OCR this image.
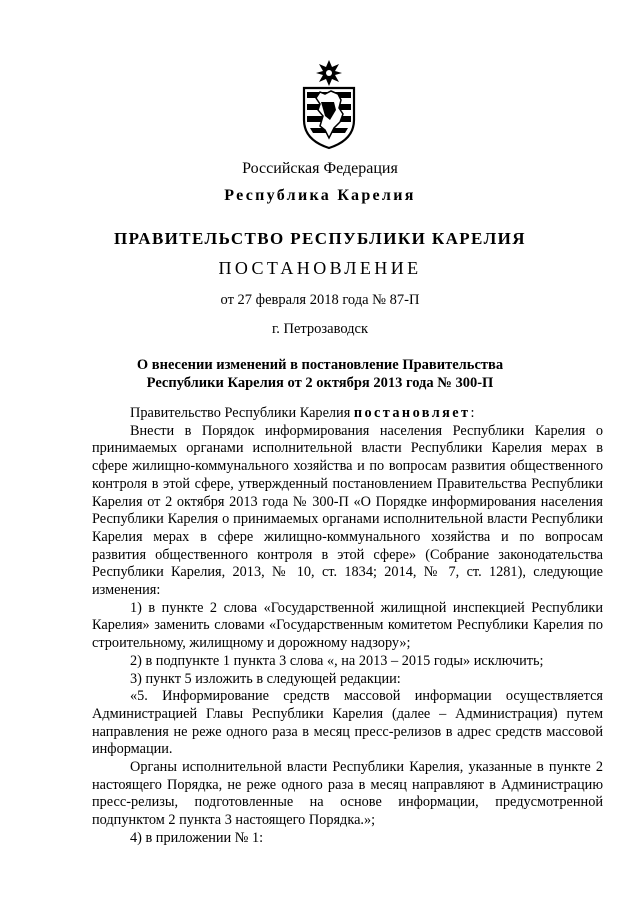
Российская Федерация
Республика Карелия
ПРАВИТЕЛЬСТВО РЕСПУБЛИКИ КАРЕЛИЯ
ПОСТАНОВЛЕНИЕ
от 27 февраля 2018 года № 87-П
г. Петрозаводск
О внесении изменений в постановление Правительства
Республики Карелия от 2 октября 2013 года № 300-П

Правительство Республики Карелия постановляет:

Внести в Порядок информирования населения Республики Карелия о принимаемых органами исполнительной власти Республики Карелия мерах в сфере жилищно-коммунального хозяйства и по вопросам развития общественного контроля в этой сфере, утвержденный постановлением Правительства Республики Карелия от 2 октября 2013 года № 300-П «О Порядке информирования населения Республики Карелия о принимаемых органами исполнительной власти Республики Карелия мерах в сфере жилищно-коммунального хозяйства и по вопросам развития общественного контроля в этой сфере» (Собрание законодательства Республики Карелия, 2013, № 10, ст. 1834; 2014, № 7, ст. 1281), следующие изменения:

1) в пункте 2 слова «Государственной жилищной инспекцией Республики Карелия» заменить словами «Государственным комитетом Республики Карелия по строительному, жилищному и дорожному надзору»;

2) в подпункте 1 пункта 3 слова «, на 2013 – 2015 годы» исключить;

3) пункт 5 изложить в следующей редакции:

«5. Информирование средств массовой информации осуществляется Администрацией Главы Республики Карелия (далее – Администрация) путем направления не реже одного раза в месяц пресс-релизов в адрес средств массовой информации.

Органы исполнительной власти Республики Карелия, указанные в пункте 2 настоящего Порядка, не реже одного раза в месяц направляют в Администрацию пресс-релизы, подготовленные на основе информации, предусмотренной подпунктом 2 пункта 3 настоящего Порядка.»;

4) в приложении № 1:
